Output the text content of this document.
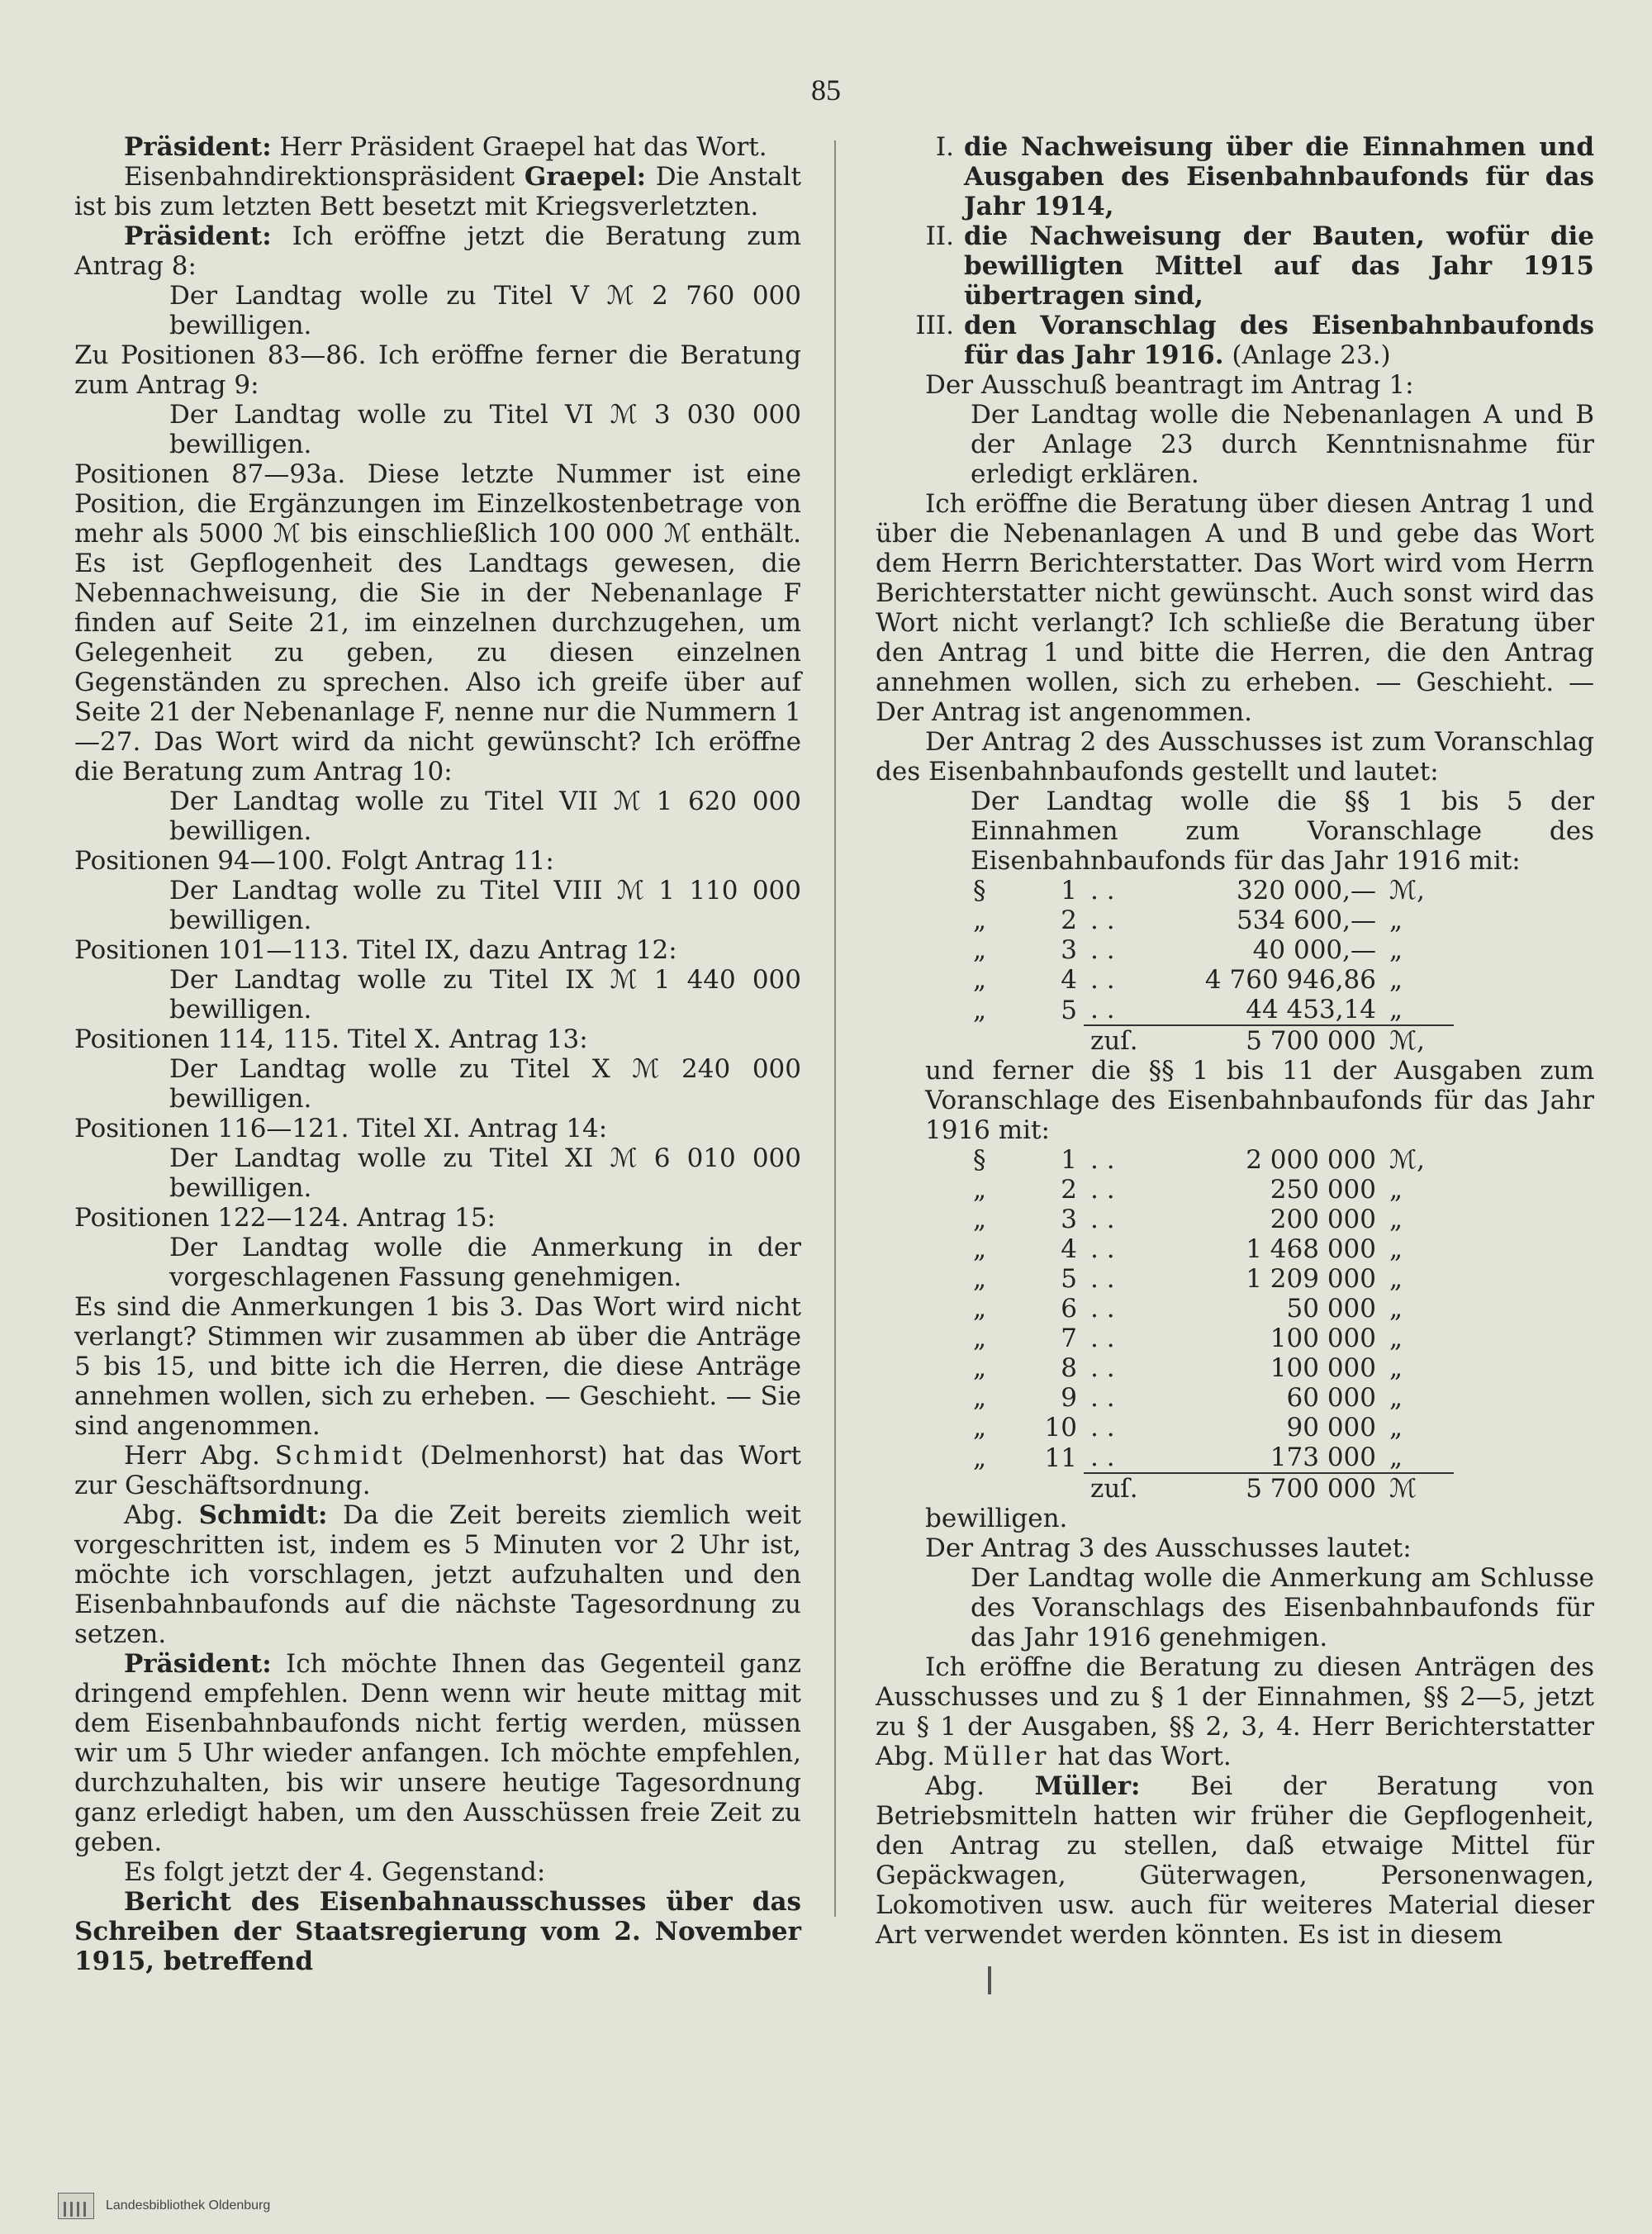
85

Präsident: Herr Präsident Graepel hat das Wort.

Eisenbahndirektionspräsident Graepel: Die Anstalt ist bis zum letzten Bett besetzt mit Kriegsverletzten.

Präsident: Ich eröffne jetzt die Beratung zum Antrag 8:

Der Landtag wolle zu Titel V ℳ 2 760 000 bewilligen.

Zu Positionen 83—86. Ich eröffne ferner die Beratung zum Antrag 9:

Der Landtag wolle zu Titel VI ℳ 3 030 000 bewilligen.

Positionen 87—93a. Diese letzte Nummer ist eine Position, die Ergänzungen im Einzelkostenbetrage von mehr als 5000 ℳ bis einschließlich 100 000 ℳ enthält. Es ist Gepflogenheit des Landtags gewesen, die Nebennachweisung, die Sie in der Nebenanlage F finden auf Seite 21, im einzelnen durchzugehen, um Gelegenheit zu geben, zu diesen einzelnen Gegenständen zu sprechen. Also ich greife über auf Seite 21 der Nebenanlage F, nenne nur die Nummern 1—27. Das Wort wird da nicht gewünscht? Ich eröffne die Beratung zum Antrag 10:

Der Landtag wolle zu Titel VII ℳ 1 620 000 bewilligen.

Positionen 94—100. Folgt Antrag 11:

Der Landtag wolle zu Titel VIII ℳ 1 110 000 bewilligen.

Positionen 101—113. Titel IX, dazu Antrag 12:

Der Landtag wolle zu Titel IX ℳ 1 440 000 bewilligen.

Positionen 114, 115. Titel X. Antrag 13:

Der Landtag wolle zu Titel X ℳ 240 000 bewilligen.

Positionen 116—121. Titel XI. Antrag 14:

Der Landtag wolle zu Titel XI ℳ 6 010 000 bewilligen.

Positionen 122—124. Antrag 15:

Der Landtag wolle die Anmerkung in der vorgeschlagenen Fassung genehmigen.

Es sind die Anmerkungen 1 bis 3. Das Wort wird nicht verlangt? Stimmen wir zusammen ab über die Anträge 5 bis 15, und bitte ich die Herren, die diese Anträge annehmen wollen, sich zu erheben. — Geschieht. — Sie sind angenommen.

Herr Abg. Schmidt (Delmenhorst) hat das Wort zur Geschäftsordnung.

Abg. Schmidt: Da die Zeit bereits ziemlich weit vorgeschritten ist, indem es 5 Minuten vor 2 Uhr ist, möchte ich vorschlagen, jetzt aufzuhalten und den Eisenbahnbaufonds auf die nächste Tagesordnung zu setzen.

Präsident: Ich möchte Ihnen das Gegenteil ganz dringend empfehlen. Denn wenn wir heute mittag mit dem Eisenbahnbaufonds nicht fertig werden, müssen wir um 5 Uhr wieder anfangen. Ich möchte empfehlen, durchzuhalten, bis wir unsere heutige Tagesordnung ganz erledigt haben, um den Ausschüssen freie Zeit zu geben.

Es folgt jetzt der 4. Gegenstand:

Bericht des Eisenbahnausschusses über das Schreiben der Staatsregierung vom 2. November 1915, betreffend

I. die Nachweisung über die Einnahmen und Ausgaben des Eisenbahnbaufonds für das Jahr 1914,
II. die Nachweisung der Bauten, wofür die bewilligten Mittel auf das Jahr 1915 übertragen sind,
III. den Voranschlag des Eisenbahnbaufonds für das Jahr 1916. (Anlage 23.)

Der Ausschuß beantragt im Antrag 1:

Der Landtag wolle die Nebenanlagen A und B der Anlage 23 durch Kenntnisnahme für erledigt erklären.

Ich eröffne die Beratung über diesen Antrag 1 und über die Nebenanlagen A und B und gebe das Wort dem Herrn Berichterstatter. Das Wort wird vom Herrn Berichterstatter nicht gewünscht. Auch sonst wird das Wort nicht verlangt? Ich schließe die Beratung über den Antrag 1 und bitte die Herren, die den Antrag annehmen wollen, sich zu erheben. — Geschieht. — Der Antrag ist angenommen.

Der Antrag 2 des Ausschusses ist zum Voranschlag des Eisenbahnbaufonds gestellt und lautet:

Der Landtag wolle die §§ 1 bis 5 der Einnahmen zum Voranschlage des Eisenbahnbaufonds für das Jahr 1916 mit:

§	1	. .	320 000,—	ℳ,
„	2	. .	534 600,—	„
„	3	. .	40 000,—	„
„	4	. .	4 760 946,86	„
„	5	. .	44 453,14	„
		zuſ.	5 700 000	ℳ,

und ferner die §§ 1 bis 11 der Ausgaben zum Voranschlage des Eisenbahnbaufonds für das Jahr 1916 mit:

§	1	. .	2 000 000	ℳ,
„	2	. .	250 000	„
„	3	. .	200 000	„
„	4	. .	1 468 000	„
„	5	. .	1 209 000	„
„	6	. .	50 000	„
„	7	. .	100 000	„
„	8	. .	100 000	„
„	9	. .	60 000	„
„	10	. .	90 000	„
„	11	. .	173 000	„
		zuſ.	5 700 000	ℳ

bewilligen.

Der Antrag 3 des Ausschusses lautet:

Der Landtag wolle die Anmerkung am Schlusse des Voranschlags des Eisenbahnbaufonds für das Jahr 1916 genehmigen.

Ich eröffne die Beratung zu diesen Anträgen des Ausschusses und zu § 1 der Einnahmen, §§ 2—5, jetzt zu § 1 der Ausgaben, §§ 2, 3, 4. Herr Berichterstatter Abg. Müller hat das Wort.

Abg. Müller: Bei der Beratung von Betriebsmitteln hatten wir früher die Gepflogenheit, den Antrag zu stellen, daß etwaige Mittel für Gepäckwagen, Güterwagen, Personenwagen, Lokomotiven usw. auch für weiteres Material dieser Art verwendet werden könnten. Es ist in diesem

Landesbibliothek Oldenburg
